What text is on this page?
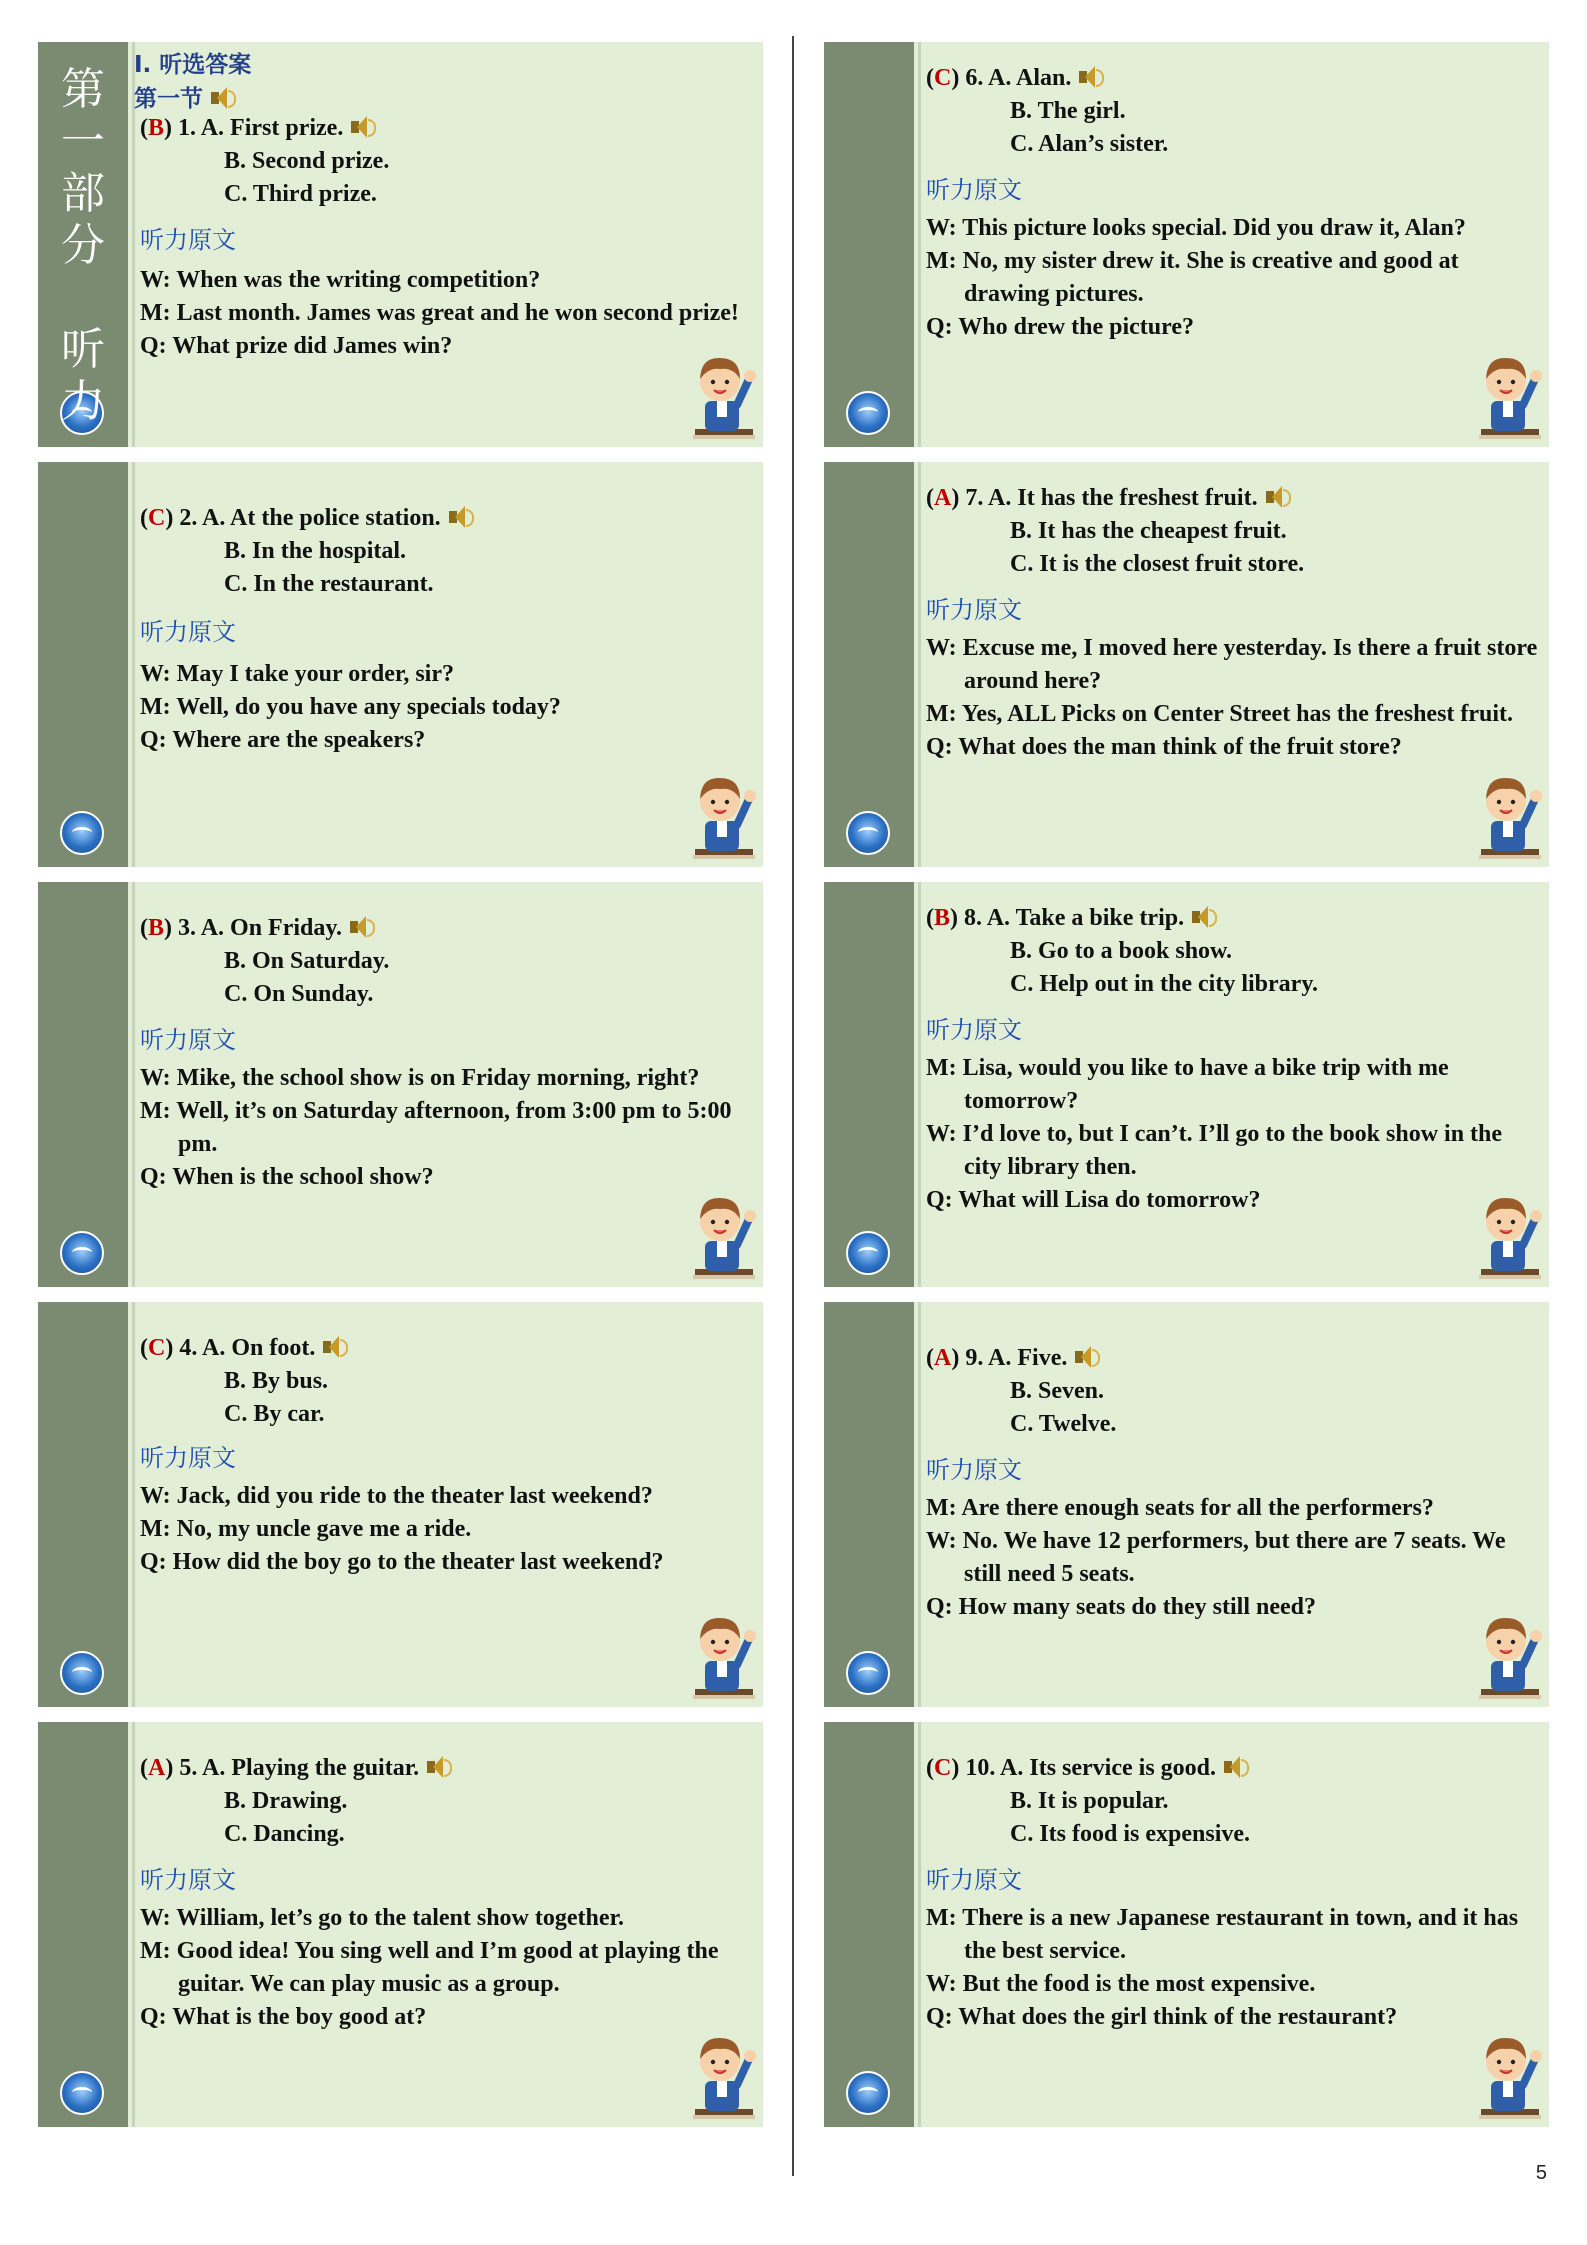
5
(B) 1. A. First prize.
B. Second prize.
C. Third prize.
听力原文
W: When was the writing competition?
M: Last month. James was great and he won second prize!
Q: What prize did James win?
I. 听选答案
第一节
第
一
部
分

听
力
(C) 2. A. At the police station.
B. In the hospital.
C. In the restaurant.
听力原文
W: May I take your order, sir?
M: Well, do you have any specials today?
Q: Where are the speakers?
(B) 3. A. On Friday.
B. On Saturday.
C. On Sunday.
听力原文
W: Mike, the school show is on Friday morning, right?
M: Well, it’s on Saturday afternoon, from 3:00 pm to 5:00 pm.
Q: When is the school show?
(C) 4. A. On foot.
B. By bus.
C. By car.
听力原文
W: Jack, did you ride to the theater last weekend?
M: No, my uncle gave me a ride.
Q: How did the boy go to the theater last weekend?
(A) 5. A. Playing the guitar.
B. Drawing.
C. Dancing.
听力原文
W: William, let’s go to the talent show together.
M: Good idea! You sing well and I’m good at playing the guitar. We can play music as a group.
Q: What is the boy good at?
(C) 6. A. Alan.
B. The girl.
C. Alan’s sister.
听力原文
W: This picture looks special. Did you draw it, Alan?
M: No, my sister drew it. She is creative and good at drawing pictures.
Q: Who drew the picture?
(A) 7. A. It has the freshest fruit.
B. It has the cheapest fruit.
C. It is the closest fruit store.
听力原文
W: Excuse me, I moved here yesterday. Is there a fruit store around here?
M: Yes, ALL Picks on Center Street has the freshest fruit.
Q: What does the man think of the fruit store?
(B) 8. A. Take a bike trip.
B. Go to a book show.
C. Help out in the city library.
听力原文
M: Lisa, would you like to have a bike trip with me tomorrow?
W: I’d love to, but I can’t. I’ll go to the book show in the city library then.
Q: What will Lisa do tomorrow?
(A) 9. A. Five.
B. Seven.
C. Twelve.
听力原文
M: Are there enough seats for all the performers?
W: No. We have 12 performers, but there are 7 seats. We still need 5 seats.
Q: How many seats do they still need?
(C) 10. A. Its service is good.
B. It is popular.
C. Its food is expensive.
听力原文
M: There is a new Japanese restaurant in town, and it has the best service.
W: But the food is the most expensive.
Q: What does the girl think of the restaurant?
